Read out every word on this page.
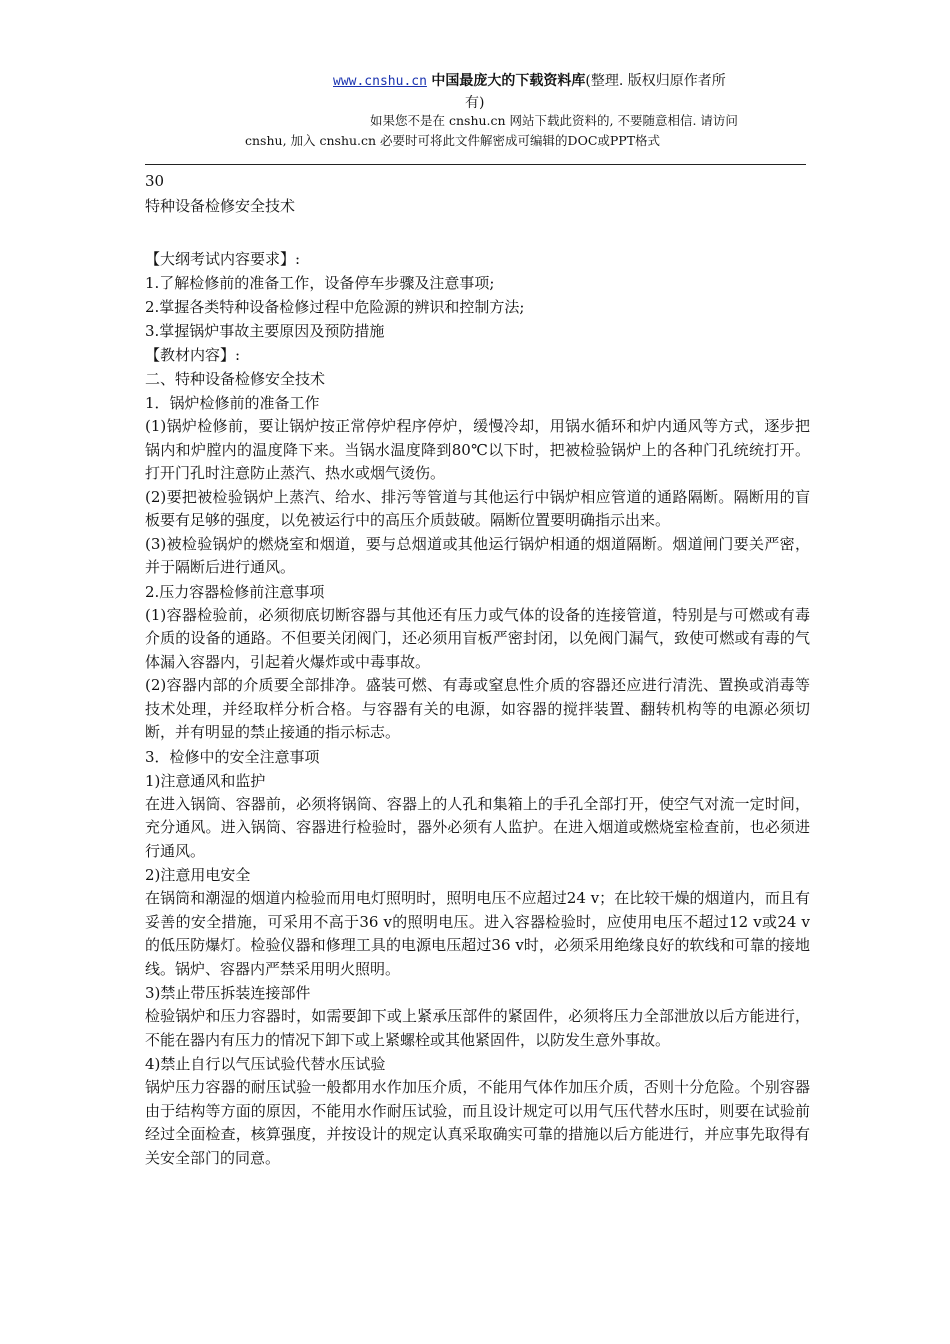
www.cnshu.cn 中国最庞大的下载资料库(整理. 版权归原作者所
有)
如果您不是在 cnshu.cn 网站下载此资料的, 不要随意相信. 请访问
cnshu, 加入 cnshu.cn 必要时可将此文件解密成可编辑的DOC或PPT格式
30
特种设备检修安全技术
【大纲考试内容要求】:
1.了解检修前的准备工作，设备停车步骤及注意事项;
2.掌握各类特种设备检修过程中危险源的辨识和控制方法;
3.掌握锅炉事故主要原因及预防措施
【教材内容】:
二、特种设备检修安全技术
1．锅炉检修前的准备工作
(1)锅炉检修前，要让锅炉按正常停炉程序停炉，缓慢冷却，用锅水循环和炉内通风等方式，逐步把锅内和炉膛内的温度降下来。当锅水温度降到80℃以下时，把被检验锅炉上的各种门孔统统打开。打开门孔时注意防止蒸汽、热水或烟气烫伤。
(2)要把被检验锅炉上蒸汽、给水、排污等管道与其他运行中锅炉相应管道的通路隔断。隔断用的盲板要有足够的强度，以免被运行中的高压介质鼓破。隔断位置要明确指示出来。
(3)被检验锅炉的燃烧室和烟道，要与总烟道或其他运行锅炉相通的烟道隔断。烟道闸门要关严密，并于隔断后进行通风。
2.压力容器检修前注意事项
(1)容器检验前，必须彻底切断容器与其他还有压力或气体的设备的连接管道，特别是与可燃或有毒介质的设备的通路。不但要关闭阀门，还必须用盲板严密封闭，以免阀门漏气，致使可燃或有毒的气体漏入容器内，引起着火爆炸或中毒事故。
(2)容器内部的介质要全部排净。盛装可燃、有毒或窒息性介质的容器还应进行清洗、置换或消毒等技术处理，并经取样分析合格。与容器有关的电源，如容器的搅拌装置、翻转机构等的电源必须切断，并有明显的禁止接通的指示标志。
3．检修中的安全注意事项
1)注意通风和监护
在进入锅筒、容器前，必须将锅筒、容器上的人孔和集箱上的手孔全部打开，使空气对流一定时间，充分通风。进入锅筒、容器进行检验时，器外必须有人监护。在进入烟道或燃烧室检查前，也必须进行通风。
2)注意用电安全
在锅筒和潮湿的烟道内检验而用电灯照明时，照明电压不应超过24 v；在比较干燥的烟道内，而且有妥善的安全措施，可采用不高于36 v的照明电压。进入容器检验时，应使用电压不超过12 v或24 v的低压防爆灯。检验仪器和修理工具的电源电压超过36 v时，必须采用绝缘良好的软线和可靠的接地线。锅炉、容器内严禁采用明火照明。
3)禁止带压拆装连接部件
检验锅炉和压力容器时，如需要卸下或上紧承压部件的紧固件，必须将压力全部泄放以后方能进行，不能在器内有压力的情况下卸下或上紧螺栓或其他紧固件，以防发生意外事故。
4)禁止自行以气压试验代替水压试验
锅炉压力容器的耐压试验一般都用水作加压介质，不能用气体作加压介质，否则十分危险。个别容器由于结构等方面的原因，不能用水作耐压试验，而且设计规定可以用气压代替水压时，则要在试验前经过全面检查，核算强度，并按设计的规定认真采取确实可靠的措施以后方能进行，并应事先取得有关安全部门的同意。
